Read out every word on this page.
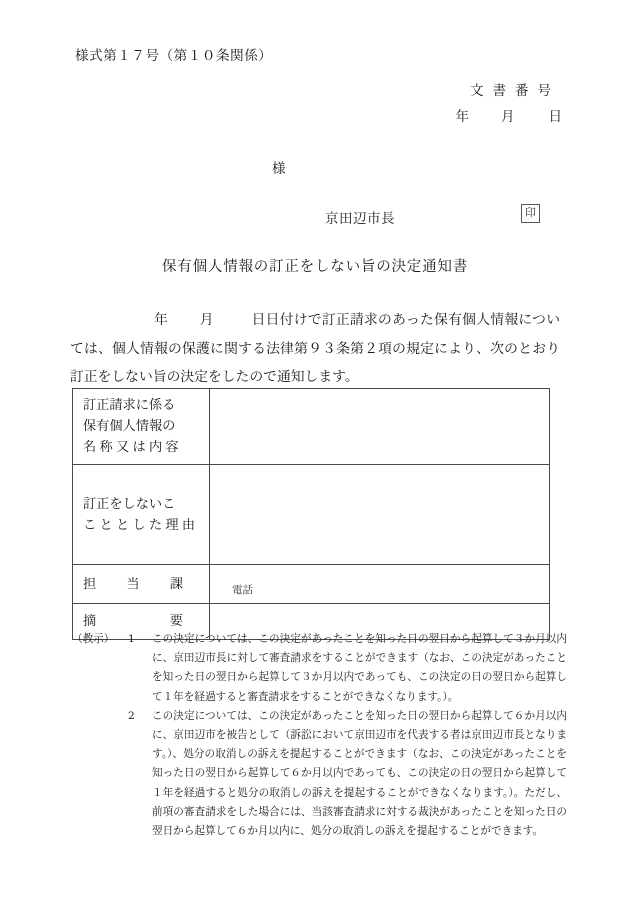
様式第１７号（第１０条関係）
文書番号
年 月	日
様
京田辺市長	印
保有個人情報の訂正をしない旨の決定通知書
年 月	日日付けで訂正請求のあった保有個人情報については、個人情報の保護に関する法律第９３条第２項の規定により、次のとおり訂正をしない旨の決定をしたので通知します。
訂正請求に係る
保有個人情報の
名称又は内容	

訂正をしないこ
こととした理由	

担当課	電話

摘要	
（教示）	1	この決定については、この決定があったことを知った日の翌日から起算して３か月以内に、京田辺市長に対して審査請求をすることができます（なお、この決定があったことを知った日の翌日から起算して３か月以内であっても、この決定の日の翌日から起算して１年を経過すると審査請求をすることができなくなります。）。
2	この決定については、この決定があったことを知った日の翌日から起算して６か月以内に、京田辺市を被告として（訴訟において京田辺市を代表する者は京田辺市長となります。）、処分の取消しの訴えを提起することができます（なお、この決定があったことを知った日の翌日から起算して６か月以内であっても、この決定の日の翌日から起算して１年を経過すると処分の取消しの訴えを提起することができなくなります。）。ただし、前項の審査請求をした場合には、当該審査請求に対する裁決があったことを知った日の翌日から起算して６か月以内に、処分の取消しの訴えを提起することができます。
